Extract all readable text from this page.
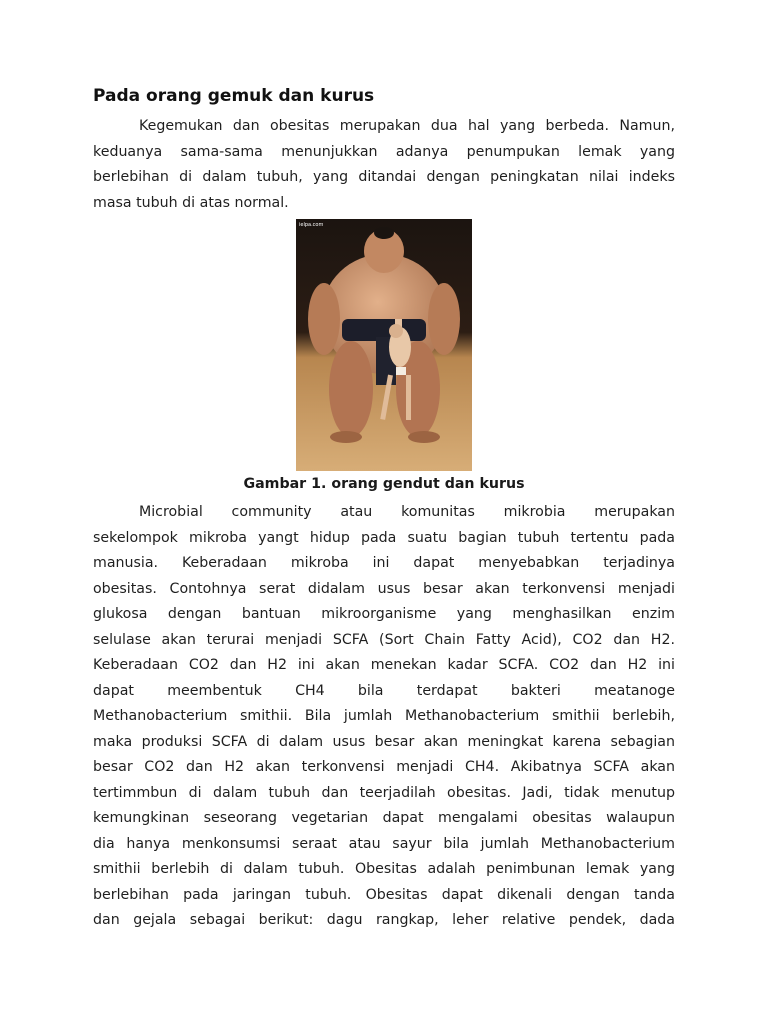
Pada orang gemuk dan kurus
Kegemukan dan obesitas merupakan dua hal yang berbeda. Namun,
keduanya sama-sama menunjukkan adanya penumpukan lemak yang
berlebihan di dalam tubuh, yang ditandai dengan peningkatan nilai indeks
masa tubuh di atas normal.
Gambar 1. orang gendut dan kurus
Microbial community atau komunitas mikrobia merupakan
sekelompok mikroba yangt hidup pada suatu bagian tubuh tertentu pada
manusia. Keberadaan mikroba ini dapat menyebabkan terjadinya
obesitas. Contohnya serat didalam usus besar akan terkonvensi menjadi
glukosa dengan bantuan mikroorganisme yang menghasilkan enzim
selulase akan terurai menjadi SCFA (Sort Chain Fatty Acid), CO2 dan H2.
Keberadaan CO2 dan H2 ini akan menekan kadar SCFA. CO2 dan H2 ini
dapat meembentuk CH4 bila terdapat bakteri meatanoge
Methanobacterium smithii. Bila jumlah Methanobacterium smithii berlebih,
maka produksi SCFA di dalam usus besar akan meningkat karena sebagian
besar CO2 dan H2 akan terkonvensi menjadi CH4. Akibatnya SCFA akan
tertimmbun di dalam tubuh dan teerjadilah obesitas. Jadi, tidak menutup
kemungkinan seseorang vegetarian dapat mengalami obesitas walaupun
dia hanya menkonsumsi seraat atau sayur bila jumlah Methanobacterium
smithii berlebih di dalam tubuh. Obesitas adalah penimbunan lemak yang
berlebihan pada jaringan tubuh. Obesitas dapat dikenali dengan tanda
dan gejala sebagai berikut: dagu rangkap, leher relative pendek, dada
ielpa.com
